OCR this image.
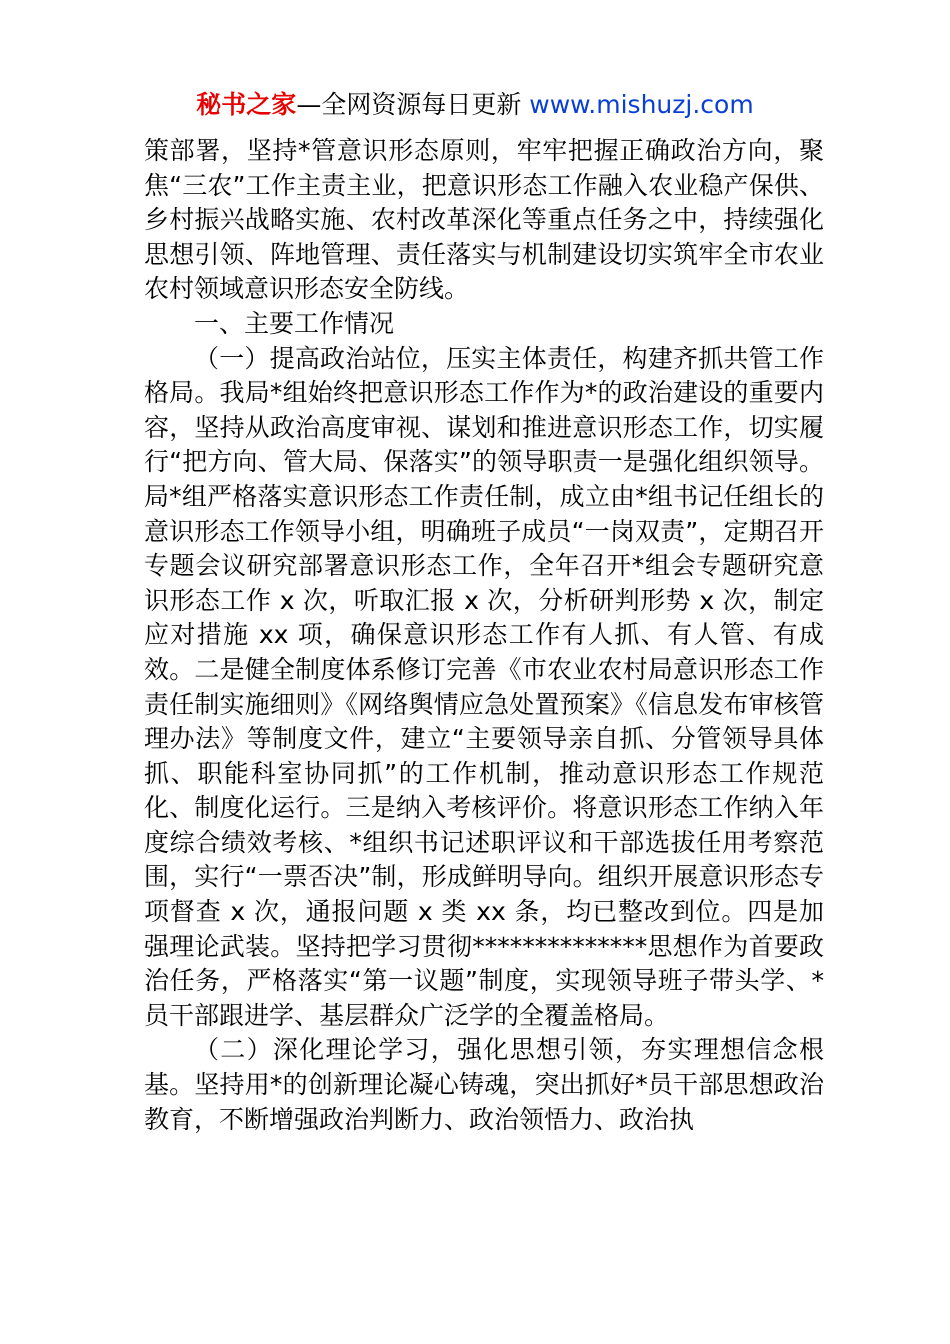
秘书之家—全网资源每日更新 www.mishuzj.com

策部署，坚持*管意识形态原则，牢牢把握正确政治方向，聚焦“三农”工作主责主业，把意识形态工作融入农业稳产保供、乡村振兴战略实施、农村改革深化等重点任务之中，持续强化思想引领、阵地管理、责任落实与机制建设切实筑牢全市农业农村领域意识形态安全防线。

一、主要工作情况

（一）提高政治站位，压实主体责任，构建齐抓共管工作格局。我局*组始终把意识形态工作作为*的政治建设的重要内容，坚持从政治高度审视、谋划和推进意识形态工作，切实履行“把方向、管大局、保落实”的领导职责一是强化组织领导。局*组严格落实意识形态工作责任制，成立由*组书记任组长的意识形态工作领导小组，明确班子成员“一岗双责”，定期召开专题会议研究部署意识形态工作，全年召开*组会专题研究意识形态工作 x 次，听取汇报 x 次，分析研判形势 x 次，制定应对措施 xx 项，确保意识形态工作有人抓、有人管、有成效。二是健全制度体系修订完善《市农业农村局意识形态工作责任制实施细则》《网络舆情应急处置预案》《信息发布审核管理办法》等制度文件，建立“主要领导亲自抓、分管领导具体抓、职能科室协同抓”的工作机制，推动意识形态工作规范化、制度化运行。三是纳入考核评价。将意识形态工作纳入年度综合绩效考核、*组织书记述职评议和干部选拔任用考察范围，实行“一票否决”制，形成鲜明导向。组织开展意识形态专项督查 x 次，通报问题 x 类 xx 条，均已整改到位。四是加强理论武装。坚持把学习贯彻**************思想作为首要政治任务，严格落实“第一议题”制度，实现领导班子带头学、*员干部跟进学、基层群众广泛学的全覆盖格局。

（二）深化理论学习，强化思想引领，夯实理想信念根基。坚持用*的创新理论凝心铸魂，突出抓好*员干部思想政治教育，不断增强政治判断力、政治领悟力、政治执
